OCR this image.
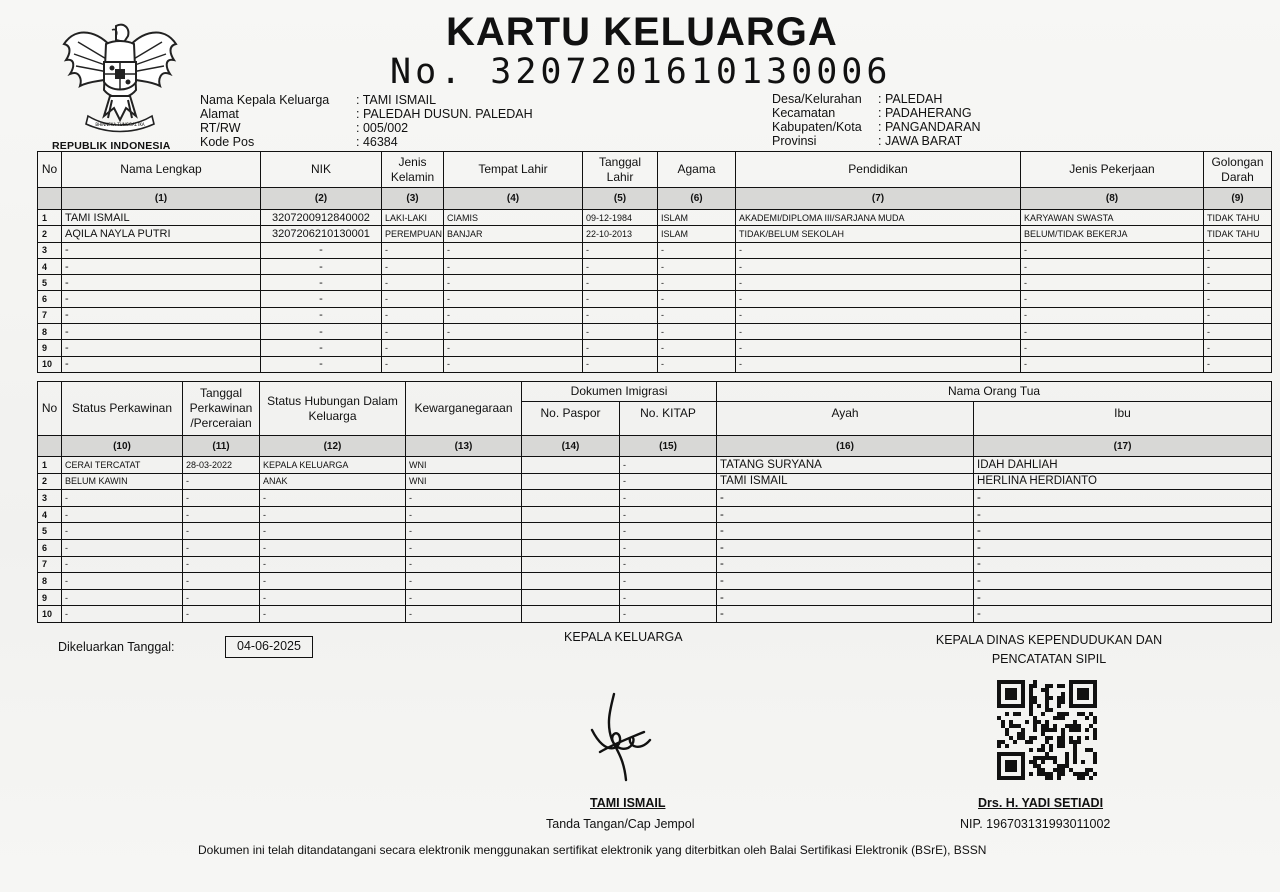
BHINNEKA TUNGGAL IKA
REPUBLIK INDONESIA
KARTU KELUARGA
No. 3207201610130006
Nama Kepala Keluarga	: TAMI ISMAIL
Alamat	: PALEDAH DUSUN. PALEDAH
RT/RW	: 005/002
Kode Pos	: 46384
Desa/Kelurahan	: PALEDAH
Kecamatan	: PADAHERANG
Kabupaten/Kota	: PANGANDARAN
Provinsi	: JAWA BARAT
No	Nama Lengkap	NIK	Jenis Kelamin	Tempat Lahir	Tanggal Lahir	Agama	Pendidikan	Jenis Pekerjaan	Golongan Darah
	(1)	(2)	(3)	(4)	(5)	(6)	(7)	(8)	(9)
1	TAMI ISMAIL	3207200912840002	LAKI-LAKI	CIAMIS	09-12-1984	ISLAM	AKADEMI/DIPLOMA III/SARJANA MUDA	KARYAWAN SWASTA	TIDAK TAHU
2	AQILA NAYLA PUTRI	3207206210130001	PEREMPUAN	BANJAR	22-10-2013	ISLAM	TIDAK/BELUM SEKOLAH	BELUM/TIDAK BEKERJA	TIDAK TAHU
3	-	-	-	-	-	-	-	-	-
4	-	-	-	-	-	-	-	-	-
5	-	-	-	-	-	-	-	-	-
6	-	-	-	-	-	-	-	-	-
7	-	-	-	-	-	-	-	-	-
8	-	-	-	-	-	-	-	-	-
9	-	-	-	-	-	-	-	-	-
10	-	-	-	-	-	-	-	-	-
No	Status Perkawinan	Tanggal Perkawinan /Perceraian	Status Hubungan Dalam Keluarga	Kewarganegaraan	Dokumen Imigrasi		Nama Orang Tua	
					No. Paspor	No. KITAP	Ayah	Ibu
	(10)	(11)	(12)	(13)	(14)	(15)	(16)	(17)
1	CERAI TERCATAT	28-03-2022	KEPALA KELUARGA	WNI		-	TATANG SURYANA	IDAH DAHLIAH
2	BELUM KAWIN	-	ANAK	WNI		-	TAMI ISMAIL	HERLINA HERDIANTO
3	-	-	-	-		-	-	-
4	-	-	-	-		-	-	-
5	-	-	-	-		-	-	-
6	-	-	-	-		-	-	-
7	-	-	-	-		-	-	-
8	-	-	-	-		-	-	-
9	-	-	-	-		-	-	-
10	-	-	-	-		-	-	-
Dikeluarkan Tanggal:	04-06-2025
KEPALA KELUARGA
TAMI ISMAIL
Tanda Tangan/Cap Jempol
KEPALA DINAS KEPENDUDUKAN DAN PENCATATAN SIPIL
Drs. H. YADI SETIADI
NIP. 196703131993011002
Dokumen ini telah ditandatangani secara elektronik menggunakan sertifikat elektronik yang diterbitkan oleh Balai Sertifikasi Elektronik (BSrE), BSSN
